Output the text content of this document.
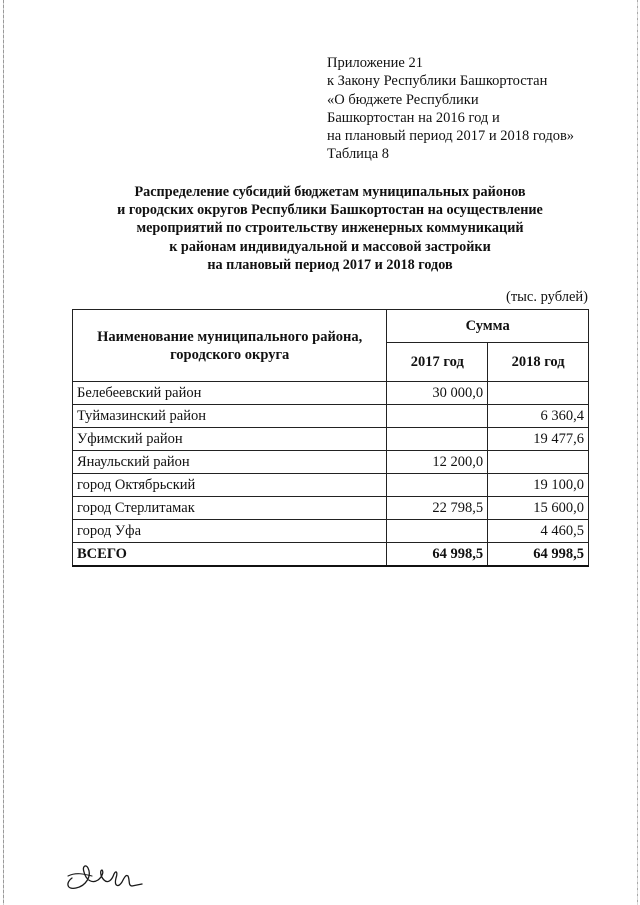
Приложение 21
к Закону Республики Башкортостан
«О бюджете Республики
Башкортостан на 2016 год и
на плановый период 2017 и 2018 годов»
Таблица 8
Распределение субсидий бюджетам муниципальных районов
и городских округов Республики Башкортостан на осуществление
мероприятий по строительству инженерных коммуникаций
к районам индивидуальной и массовой застройки
на плановый период 2017 и 2018 годов
(тыс. рублей)
Наименование муниципального района, городского округа	Сумма	
	2017 год	2018 год
Белебеевский район	30 000,0	
Туймазинский район		6 360,4
Уфимский район		19 477,6
Янаульский район	12 200,0	
город Октябрьский		19 100,0
город Стерлитамак	22 798,5	15 600,0
город Уфа		4 460,5
ВСЕГО	64 998,5	64 998,5
